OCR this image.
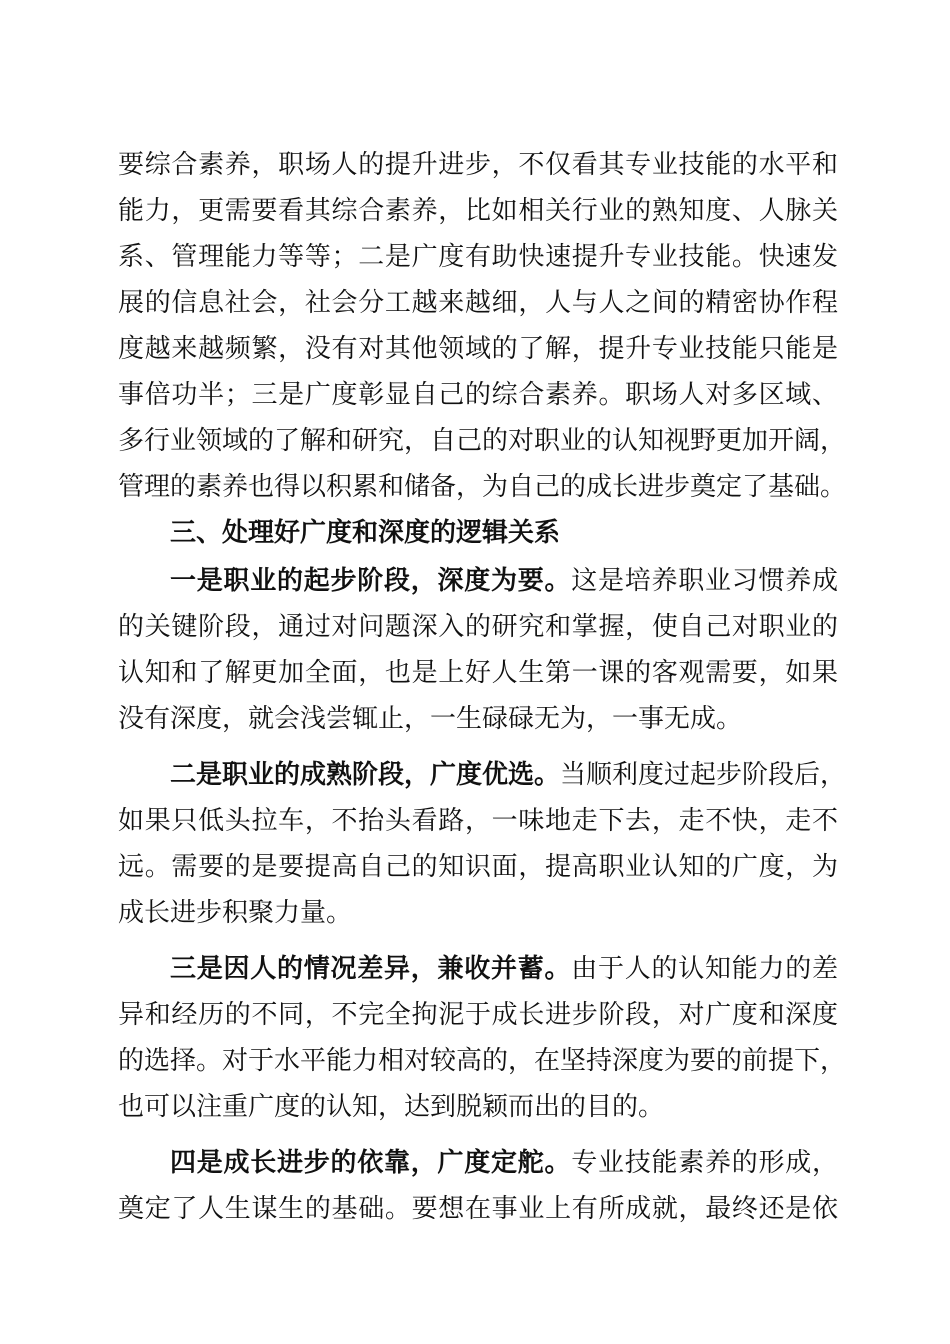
要综合素养，职场人的提升进步，不仅看其专业技能的水平和
能力，更需要看其综合素养，比如相关行业的熟知度、人脉关
系、管理能力等等；二是广度有助快速提升专业技能。快速发
展的信息社会，社会分工越来越细，人与人之间的精密协作程
度越来越频繁，没有对其他领域的了解，提升专业技能只能是
事倍功半；三是广度彰显自己的综合素养。职场人对多区域、
多行业领域的了解和研究，自己的对职业的认知视野更加开阔，
管理的素养也得以积累和储备，为自己的成长进步奠定了基础。
三、处理好广度和深度的逻辑关系
一是职业的起步阶段，深度为要。这是培养职业习惯养成
的关键阶段，通过对问题深入的研究和掌握，使自己对职业的
认知和了解更加全面，也是上好人生第一课的客观需要，如果
没有深度，就会浅尝辄止，一生碌碌无为，一事无成。
二是职业的成熟阶段，广度优选。当顺利度过起步阶段后，
如果只低头拉车，不抬头看路，一味地走下去，走不快，走不
远。需要的是要提高自己的知识面，提高职业认知的广度，为
成长进步积聚力量。
三是因人的情况差异，兼收并蓄。由于人的认知能力的差
异和经历的不同，不完全拘泥于成长进步阶段，对广度和深度
的选择。对于水平能力相对较高的，在坚持深度为要的前提下，
也可以注重广度的认知，达到脱颖而出的目的。
四是成长进步的依靠，广度定舵。专业技能素养的形成，
奠定了人生谋生的基础。要想在事业上有所成就，最终还是依
